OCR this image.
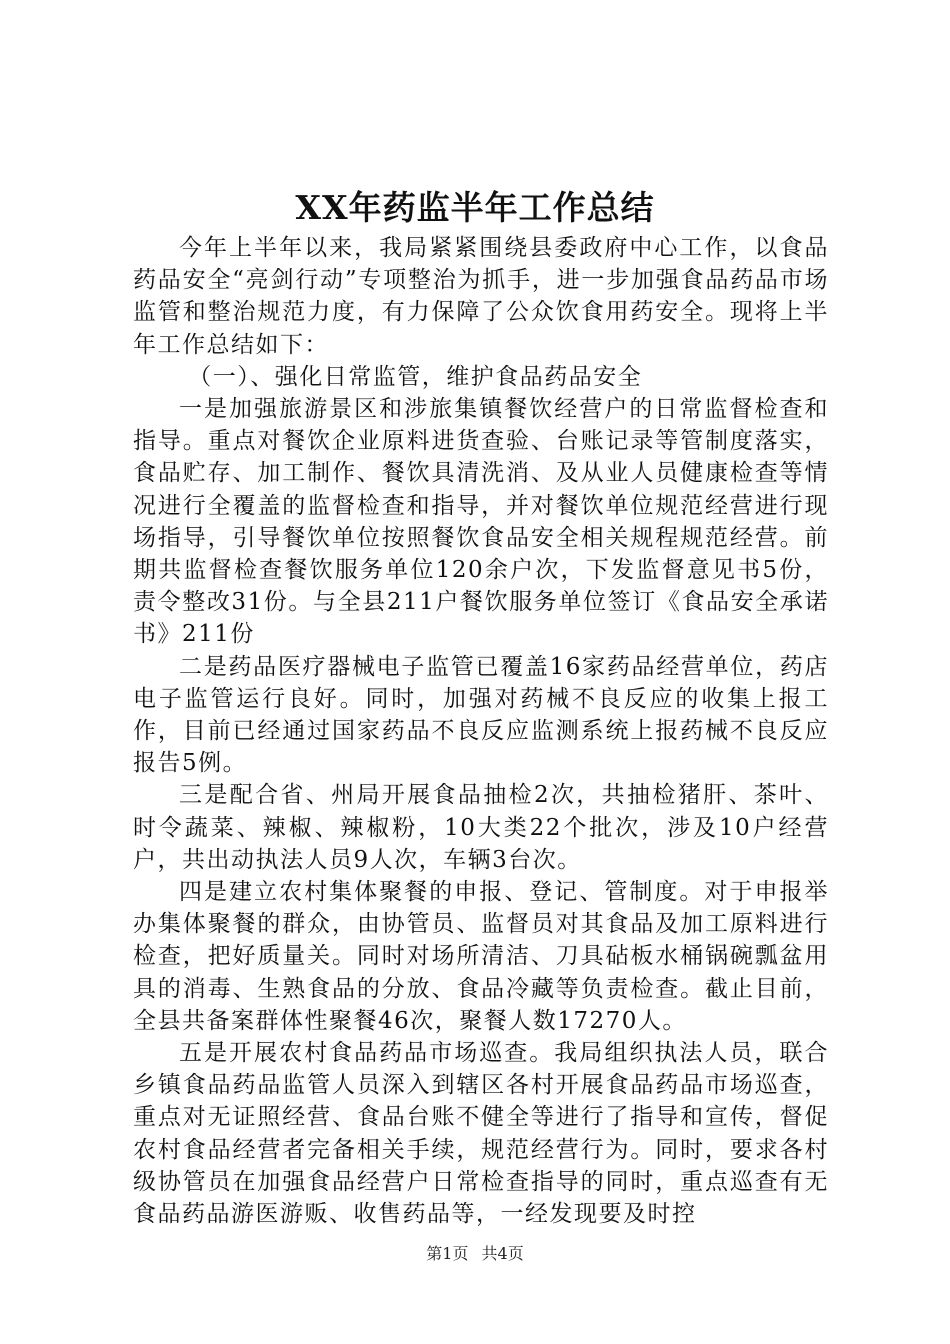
XX年药监半年工作总结

今年上半年以来，我局紧紧围绕县委政府中心工作，以食品药品安全“亮剑行动”专项整治为抓手，进一步加强食品药品市场监管和整治规范力度，有力保障了公众饮食用药安全。现将上半年工作总结如下：

（一）、强化日常监管，维护食品药品安全

一是加强旅游景区和涉旅集镇餐饮经营户的日常监督检查和指导。重点对餐饮企业原料进货查验、台账记录等管制度落实，食品贮存、加工制作、餐饮具清洗消、及从业人员健康检查等情况进行全覆盖的监督检查和指导，并对餐饮单位规范经营进行现场指导，引导餐饮单位按照餐饮食品安全相关规程规范经营。前期共监督检查餐饮服务单位120余户次，下发监督意见书5份，责令整改31份。与全县211户餐饮服务单位签订《食品安全承诺书》211份

二是药品医疗器械电子监管已覆盖16家药品经营单位，药店电子监管运行良好。同时，加强对药械不良反应的收集上报工作，目前已经通过国家药品不良反应监测系统上报药械不良反应报告5例。

三是配合省、州局开展食品抽检2次，共抽检猪肝、茶叶、时令蔬菜、辣椒、辣椒粉，10大类22个批次，涉及10户经营户，共出动执法人员9人次，车辆3台次。

四是建立农村集体聚餐的申报、登记、管制度。对于申报举办集体聚餐的群众，由协管员、监督员对其食品及加工原料进行检查，把好质量关。同时对场所清洁、刀具砧板水桶锅碗瓢盆用具的消毒、生熟食品的分放、食品冷藏等负责检查。截止目前，全县共备案群体性聚餐46次，聚餐人数17270人。

五是开展农村食品药品市场巡查。我局组织执法人员，联合乡镇食品药品监管人员深入到辖区各村开展食品药品市场巡查，重点对无证照经营、食品台账不健全等进行了指导和宣传，督促农村食品经营者完备相关手续，规范经营行为。同时，要求各村级协管员在加强食品经营户日常检查指导的同时，重点巡查有无食品药品游医游贩、收售药品等，一经发现要及时控

第1页 共4页
